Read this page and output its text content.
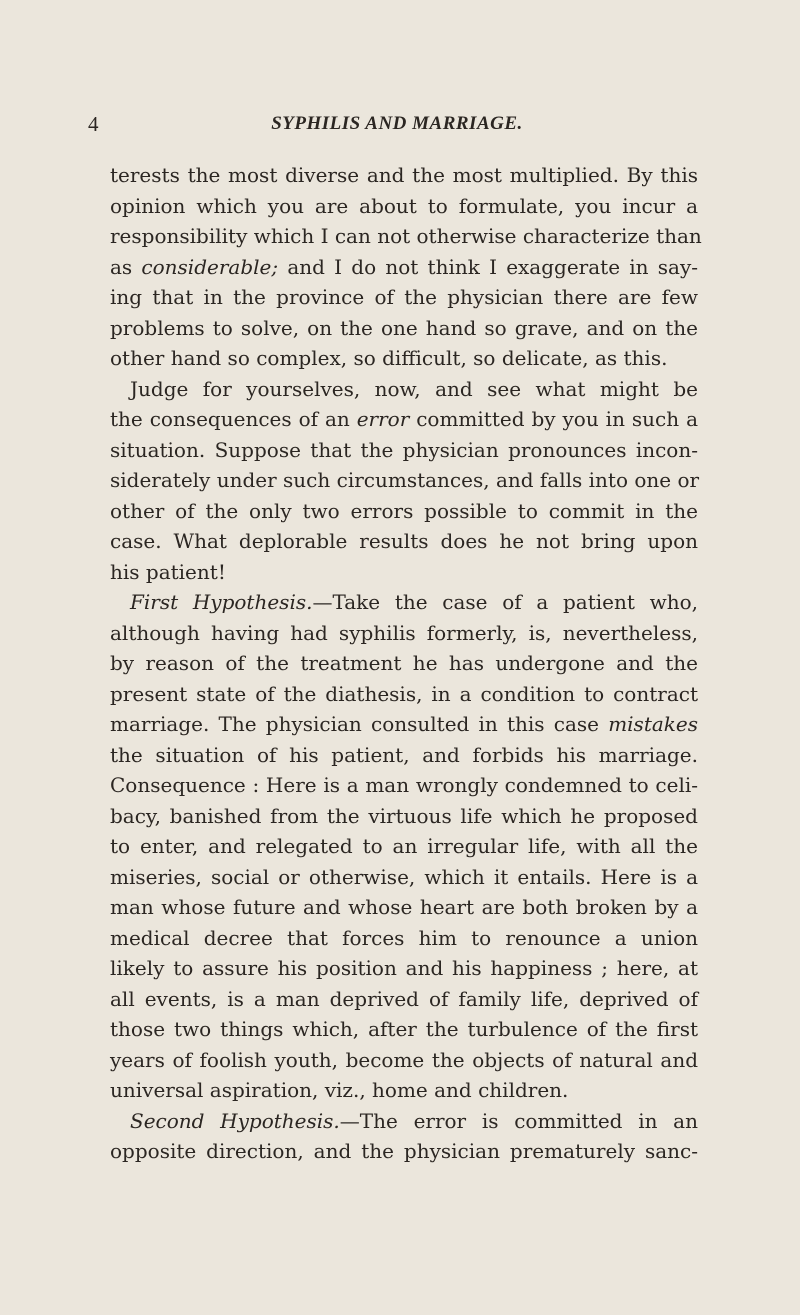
4	SYPHILIS AND MARRIAGE.
terests the most diverse and the most multiplied. By this
opinion which you are about to formulate, you incur a
responsibility which I can not otherwise characterize than
as considerable; and I do not think I exaggerate in say-
ing that in the province of the physician there are few
problems to solve, on the one hand so grave, and on the
other hand so complex, so difficult, so delicate, as this.
Judge for yourselves, now, and see what might be
the consequences of an error committed by you in such a
situation. Suppose that the physician pronounces incon-
siderately under such circumstances, and falls into one or
other of the only two errors possible to commit in the
case. What deplorable results does he not bring upon
his patient!
First Hypothesis.—Take the case of a patient who,
although having had syphilis formerly, is, nevertheless,
by reason of the treatment he has undergone and the
present state of the diathesis, in a condition to contract
marriage. The physician consulted in this case mistakes
the situation of his patient, and forbids his marriage.
Consequence : Here is a man wrongly condemned to celi-
bacy, banished from the virtuous life which he proposed
to enter, and relegated to an irregular life, with all the
miseries, social or otherwise, which it entails. Here is a
man whose future and whose heart are both broken by a
medical decree that forces him to renounce a union
likely to assure his position and his happiness ; here, at
all events, is a man deprived of family life, deprived of
those two things which, after the turbulence of the first
years of foolish youth, become the objects of natural and
universal aspiration, viz., home and children.
Second Hypothesis.—The error is committed in an
opposite direction, and the physician prematurely sanc-
